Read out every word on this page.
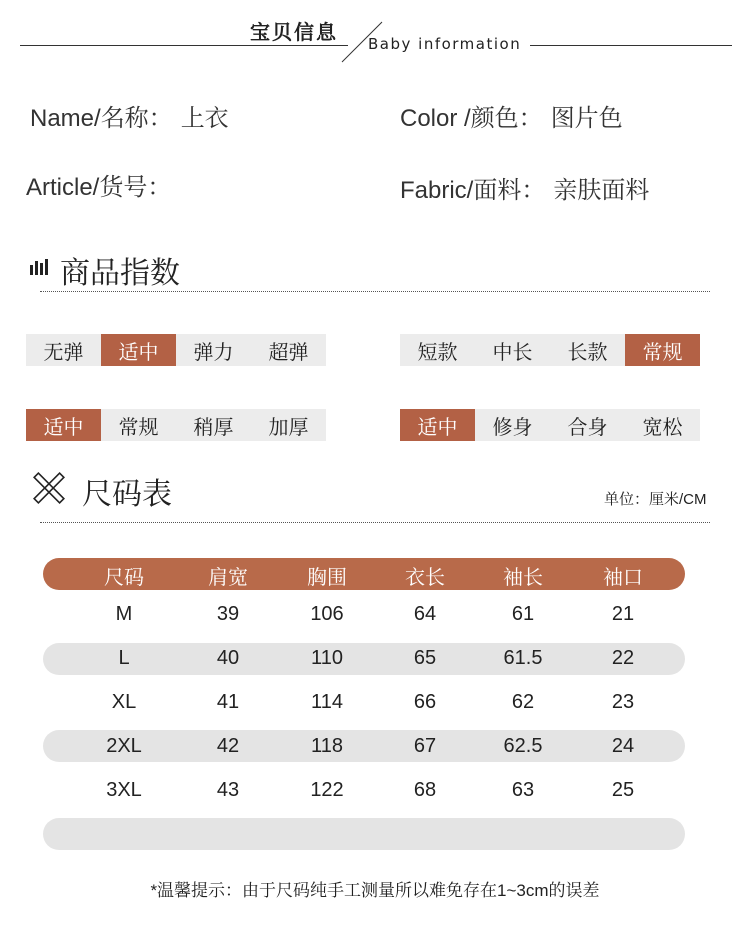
宝贝信息 Baby information
Name/名称： 上衣	Color /颜色： 图片色
Article/货号：	Fabric/面料： 亲肤面料
商品指数
无弹	适中	弹力	超弹	短款	中长	长款	常规
适中	常规	稍厚	加厚	适中	修身	合身	宽松
尺码表	单位：厘米/CM
尺码	肩宽	胸围	衣长	袖长	袖口
M	39	106	64	61	21
L	40	110	65	61.5	22
XL	41	114	66	62	23
2XL	42	118	67	62.5	24
3XL	43	122	68	63	25
*温馨提示：由于尺码纯手工测量所以难免存在1~3cm的误差
